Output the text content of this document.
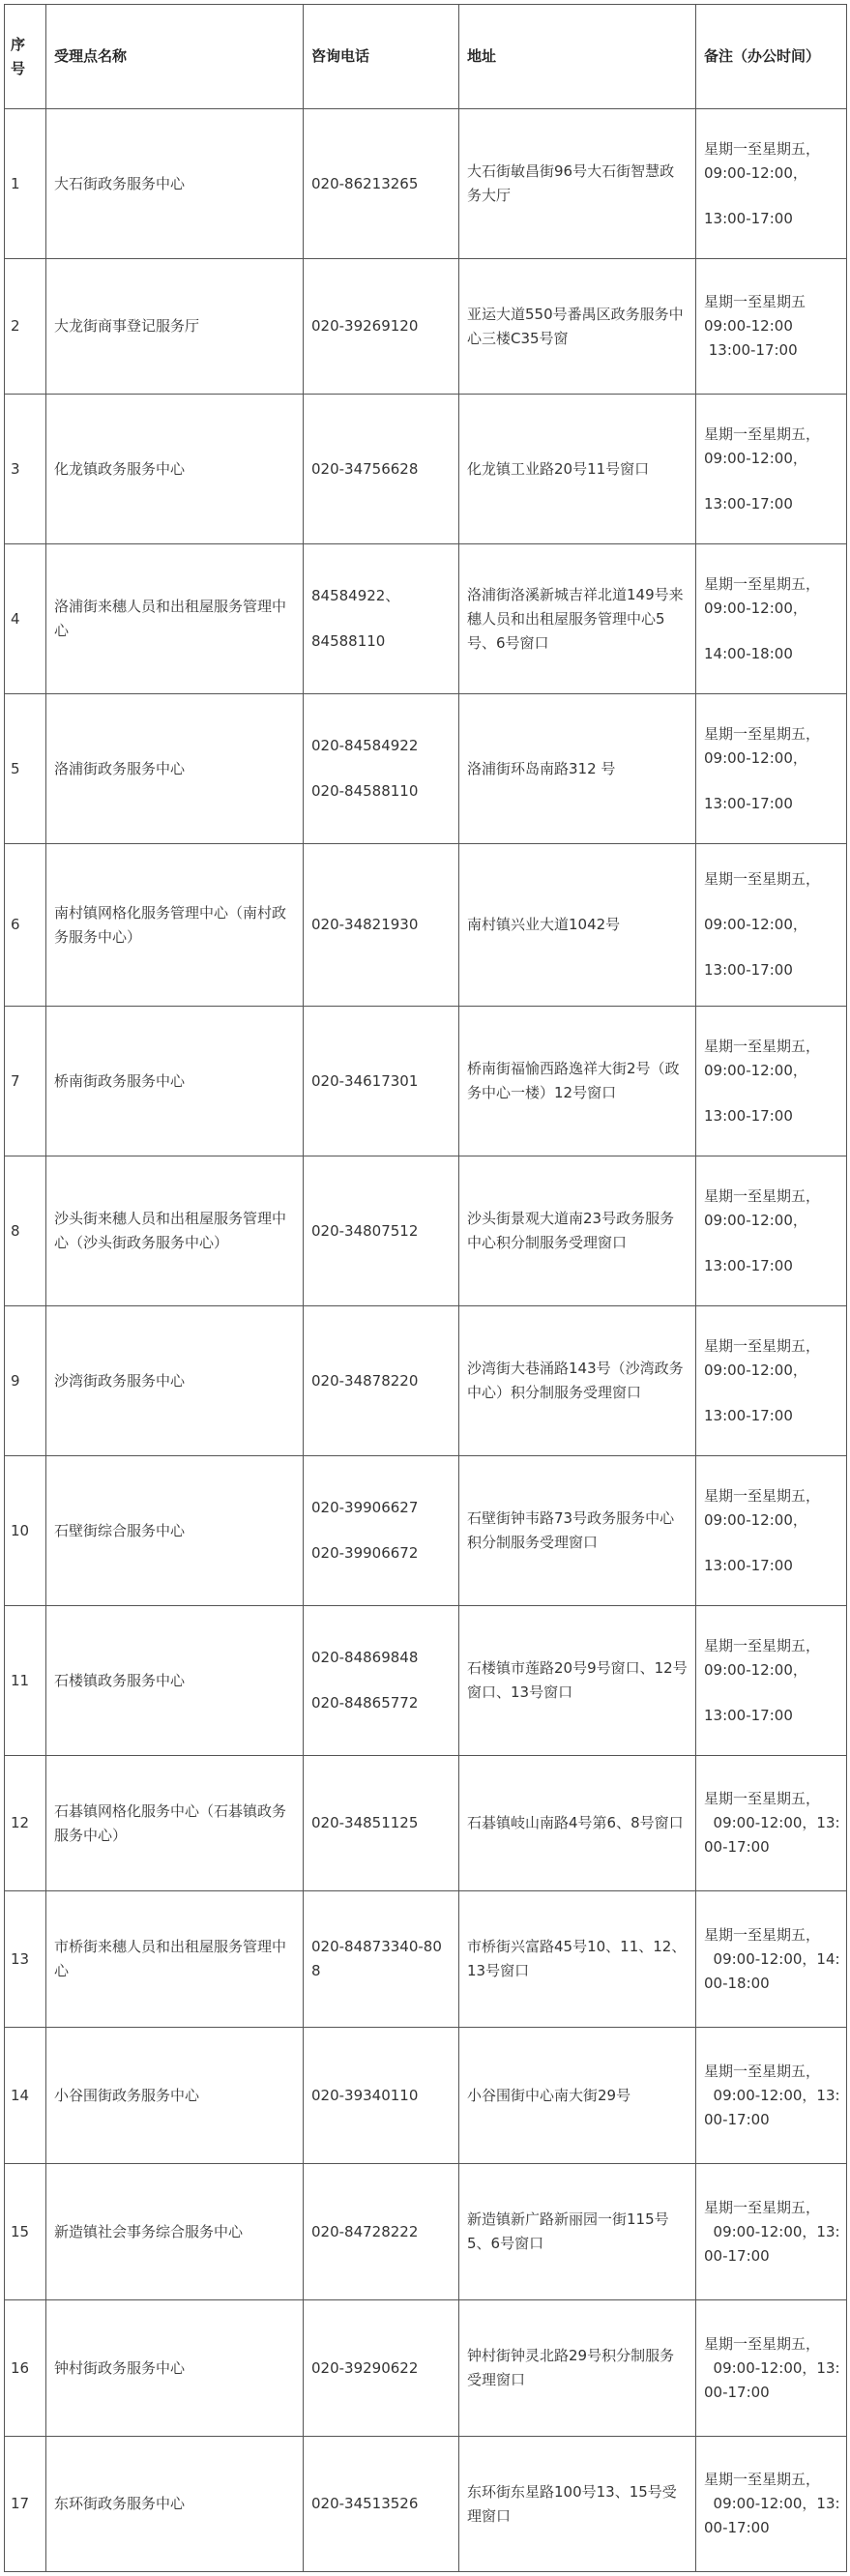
序
号	受理点名称	咨询电话	地址	备注（办公时间）
1	大石街政务服务中心	020-86213265	大石街敏昌街96号大石街智慧政务大厅	星期一至星期五，
09:00-12:00，
13:00-17:00

2	大龙街商事登记服务厅	020-39269120	亚运大道550号番禺区政务服务中心三楼C35号窗	星期一至星期五
09:00-12:00
13:00-17:00

3	化龙镇政务服务中心	020-34756628	化龙镇工业路20号11号窗口	星期一至星期五，
09:00-12:00，
13:00-17:00

4	洛浦街来穗人员和出租屋服务管理中心	84584922、
84588110	洛浦街洛溪新城吉祥北道149号来穗人员和出租屋服务管理中心5号、6号窗口	星期一至星期五，
09:00-12:00，
14:00-18:00

5	洛浦街政务服务中心	020-84584922
020-84588110	洛浦街环岛南路312 号	星期一至星期五，
09:00-12:00，
13:00-17:00

6	南村镇网格化服务管理中心（南村政务服务中心）	020-34821930	南村镇兴业大道1042号	星期一至星期五，
09:00-12:00，
13:00-17:00

7	桥南街政务服务中心	020-34617301	桥南街福愉西路逸祥大街2号（政务中心一楼）12号窗口	星期一至星期五，
09:00-12:00，
13:00-17:00

8	沙头街来穗人员和出租屋服务管理中心（沙头街政务服务中心）	020-34807512	沙头街景观大道南23号政务服务中心积分制服务受理窗口	星期一至星期五，
09:00-12:00，
13:00-17:00

9	沙湾街政务服务中心	020-34878220	沙湾街大巷涌路143号（沙湾政务中心）积分制服务受理窗口	星期一至星期五，
09:00-12:00，
13:00-17:00

10	石壁街综合服务中心	020-39906627
020-39906672	石壁街钟韦路73号政务服务中心积分制服务受理窗口	星期一至星期五，
09:00-12:00，
13:00-17:00

11	石楼镇政务服务中心	020-84869848
020-84865772	石楼镇市莲路20号9号窗口、12号窗口、13号窗口	星期一至星期五，
09:00-12:00，
13:00-17:00

12	石碁镇网格化服务中心（石碁镇政务服务中心）	020-34851125	石碁镇岐山南路4号第6、8号窗口	星期一至星期五，
09:00-12:00，13:
00-17:00

13	市桥街来穗人员和出租屋服务管理中心	020-84873340-808	市桥街兴富路45号10、11、12、13号窗口	星期一至星期五，
09:00-12:00，14:
00-18:00

14	小谷围街政务服务中心	020-39340110	小谷围街中心南大街29号	星期一至星期五，
09:00-12:00，13:
00-17:00

15	新造镇社会事务综合服务中心	020-84728222	新造镇新广路新丽园一街115号5、6号窗口	星期一至星期五，
09:00-12:00，13:
00-17:00

16	钟村街政务服务中心	020-39290622	钟村街钟灵北路29号积分制服务受理窗口	星期一至星期五，
09:00-12:00，13:
00-17:00

17	东环街政务服务中心	020-34513526	东环街东星路100号13、15号受理窗口	星期一至星期五，
09:00-12:00，13:
00-17:00
